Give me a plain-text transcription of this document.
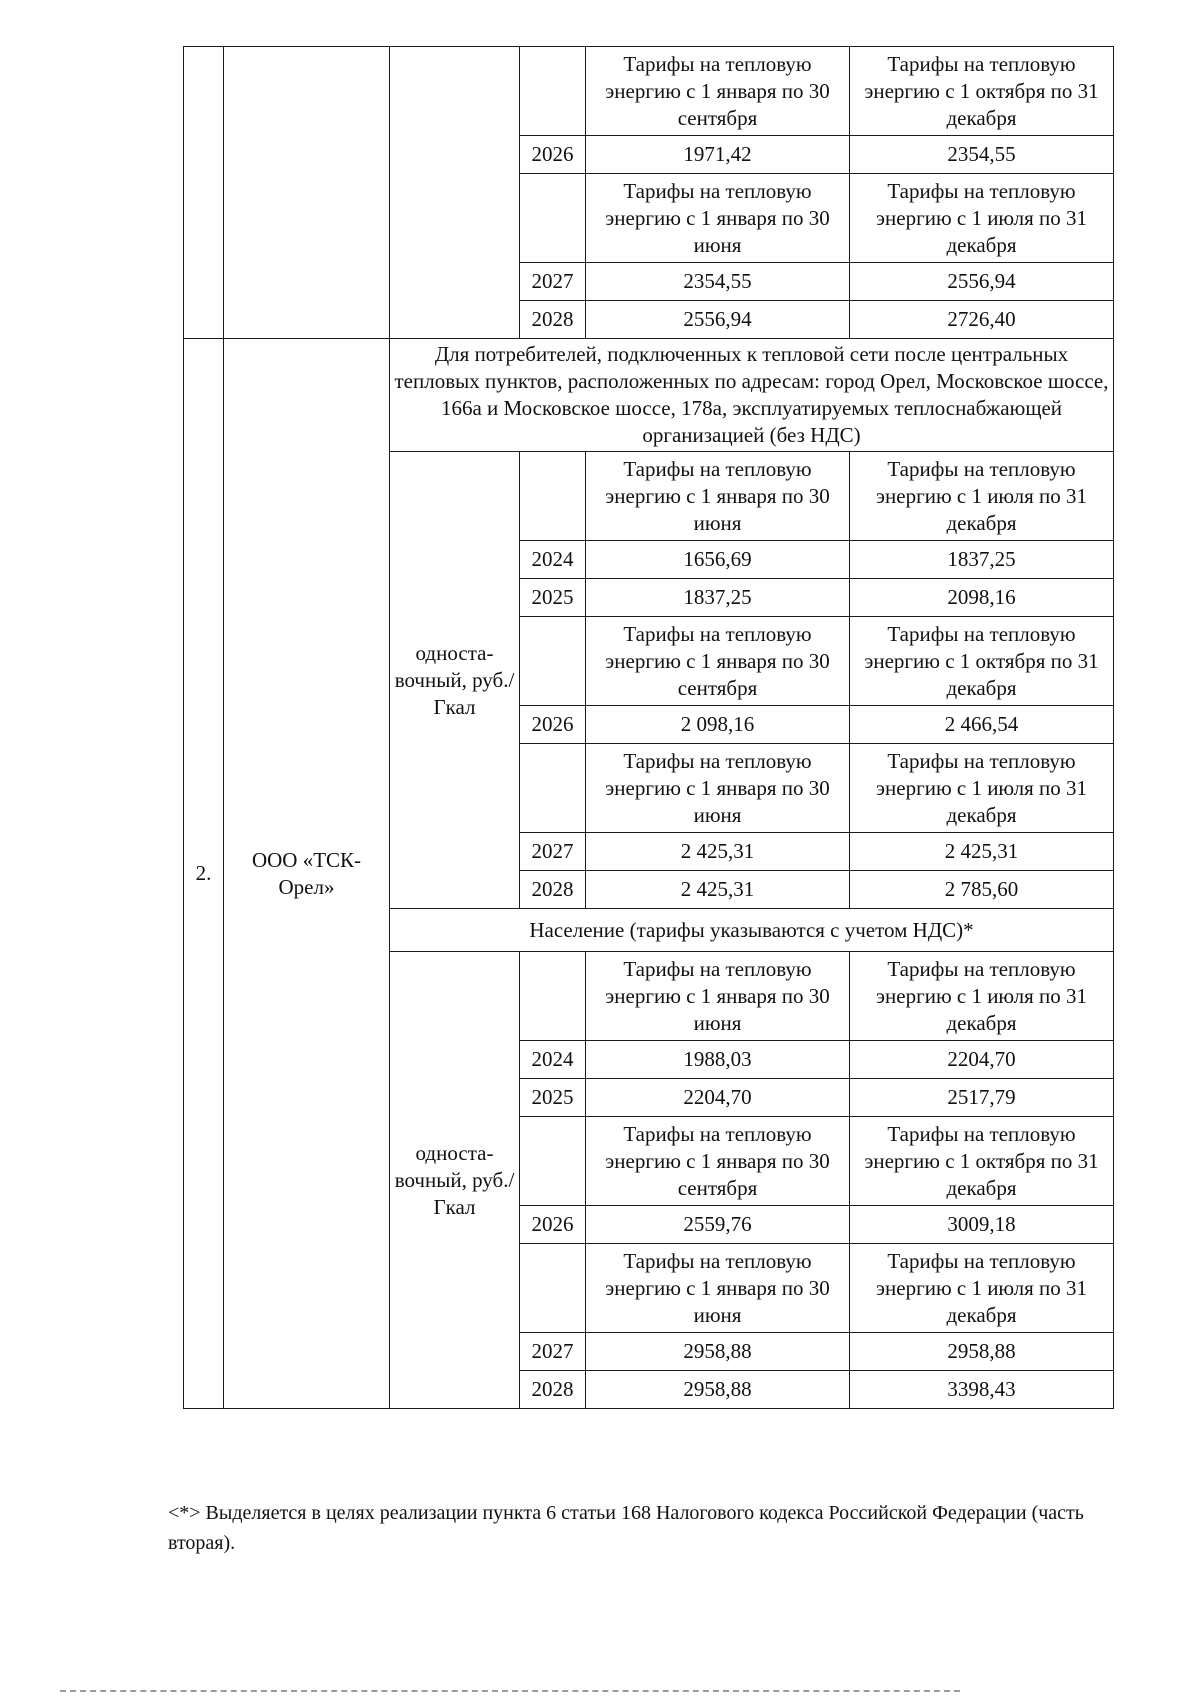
				Тарифы на тепловую энергию с 1 января по 30 сентября	Тарифы на тепловую энергию с 1 октября по 31 декабря
			2026	1971,42	2354,55
				Тарифы на тепловую энергию с 1 января по 30 июня	Тарифы на тепловую энергию с 1 июля по 31 декабря
			2027	2354,55	2556,94
			2028	2556,94	2726,40
2.	ООО «ТСК-Орел»	Для потребителей, подключенных к тепловой сети после центральных тепловых пунктов, расположенных по адресам: город Орел, Московское шоссе, 166а и Московское шоссе, 178а, эксплуатируемых теплоснабжающей организацией (без НДС)			
		односта-вочный, руб./Гкал		Тарифы на тепловую энергию с 1 января по 30 июня	Тарифы на тепловую энергию с 1 июля по 31 декабря
			2024	1656,69	1837,25
			2025	1837,25	2098,16
				Тарифы на тепловую энергию с 1 января по 30 сентября	Тарифы на тепловую энергию с 1 октября по 31 декабря
			2026	2 098,16	2 466,54
				Тарифы на тепловую энергию с 1 января по 30 июня	Тарифы на тепловую энергию с 1 июля по 31 декабря
			2027	2 425,31	2 425,31
			2028	2 425,31	2 785,60
		Население (тарифы указываются с учетом НДС)*			
		односта-вочный, руб./Гкал		Тарифы на тепловую энергию с 1 января по 30 июня	Тарифы на тепловую энергию с 1 июля по 31 декабря
			2024	1988,03	2204,70
			2025	2204,70	2517,79
				Тарифы на тепловую энергию с 1 января по 30 сентября	Тарифы на тепловую энергию с 1 октября по 31 декабря
			2026	2559,76	3009,18
				Тарифы на тепловую энергию с 1 января по 30 июня	Тарифы на тепловую энергию с 1 июля по 31 декабря
			2027	2958,88	2958,88
			2028	2958,88	3398,43
<*> Выделяется в целях реализации пункта 6 статьи 168 Налогового кодекса Российской Федерации (часть вторая).
